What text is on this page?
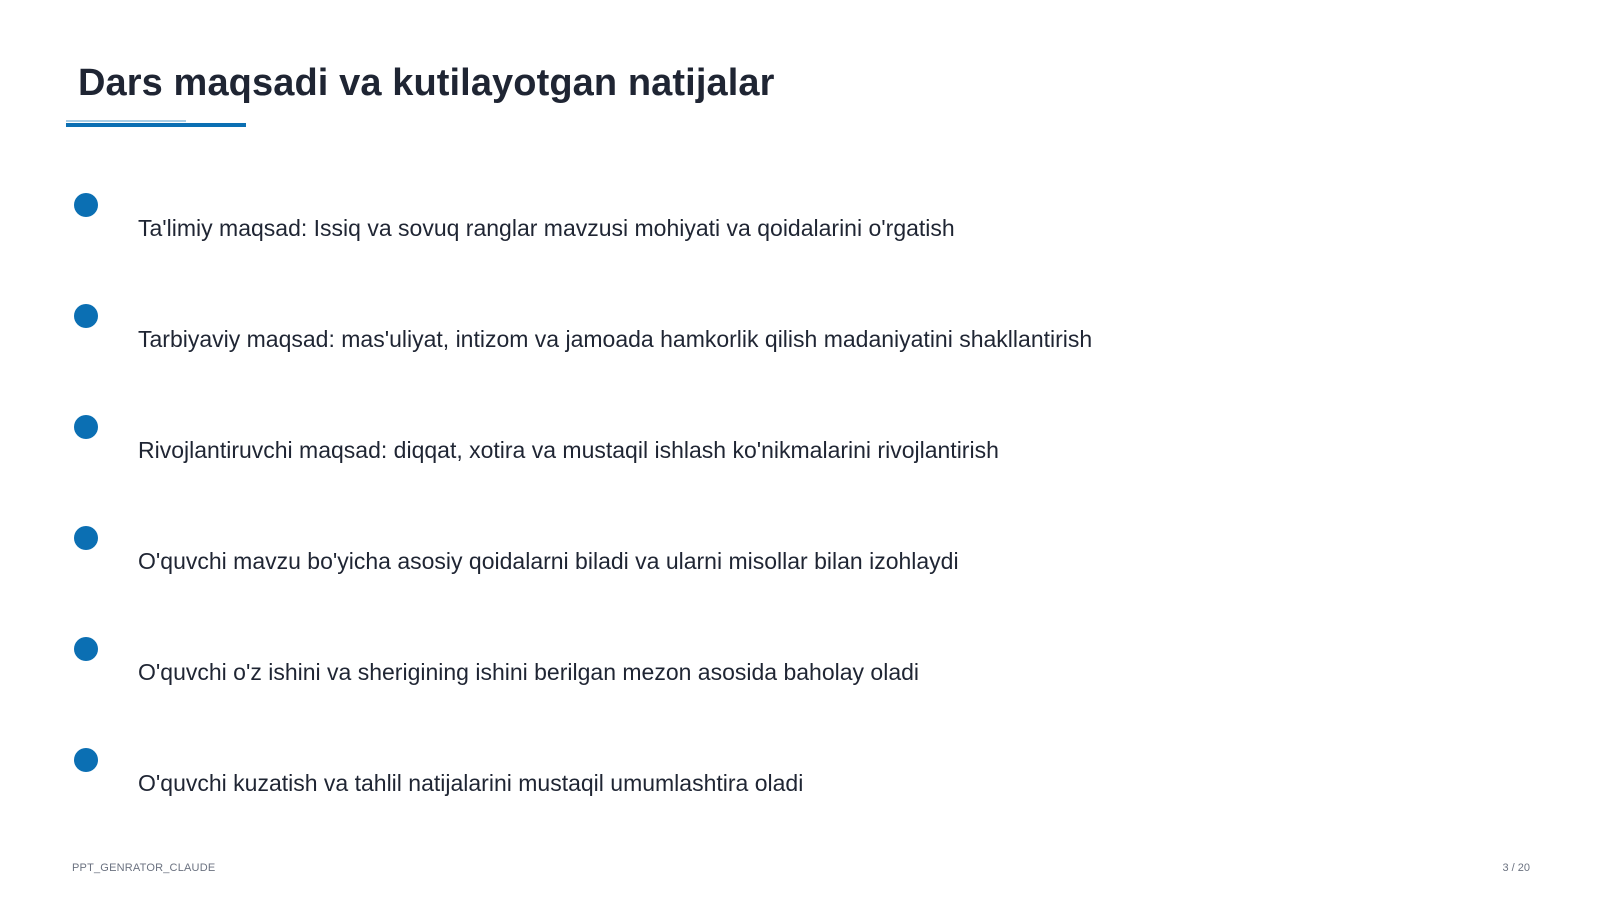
Dars maqsadi va kutilayotgan natijalar
Ta'limiy maqsad: Issiq va sovuq ranglar mavzusi mohiyati va qoidalarini o'rgatish
Tarbiyaviy maqsad: mas'uliyat, intizom va jamoada hamkorlik qilish madaniyatini shakllantirish
Rivojlantiruvchi maqsad: diqqat, xotira va mustaqil ishlash ko'nikmalarini rivojlantirish
O'quvchi mavzu bo'yicha asosiy qoidalarni biladi va ularni misollar bilan izohlaydi
O'quvchi o'z ishini va sherigining ishini berilgan mezon asosida baholay oladi
O'quvchi kuzatish va tahlil natijalarini mustaqil umumlashtira oladi
PPT_GENRATOR_CLAUDE	3 / 20
